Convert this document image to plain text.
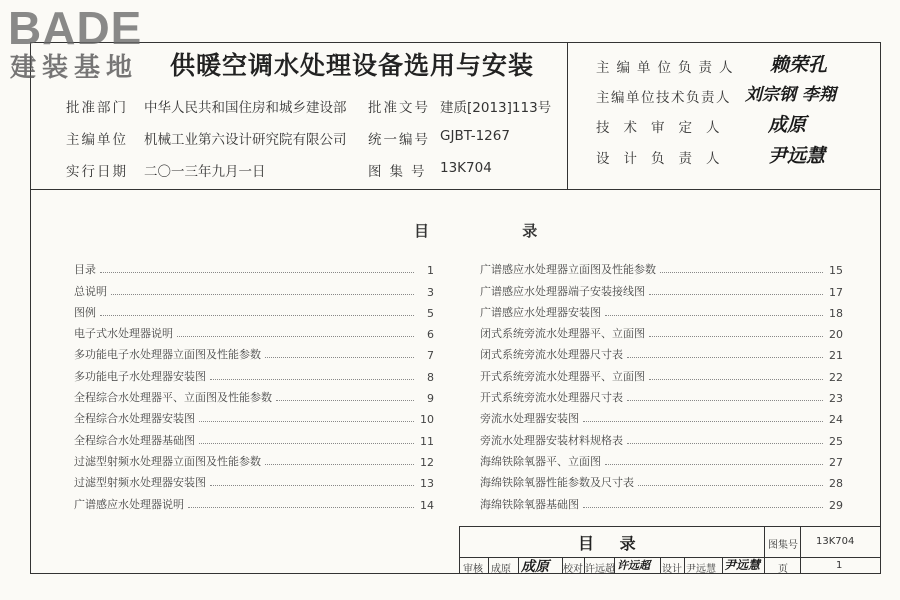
BADE
建装基地 供暖空调水处理设备选用与安装
批准部门 中华人民共和国住房和城乡建设部 批准文号 建质[2013]113号
主编单位 机械工业第六设计研究院有限公司 统一编号 GJBT-1267
实行日期 二〇一三年九月一日	图集号 13K704
主编单位负责人 赖荣孔
主编单位技术负责人 刘宗钢 李翔
技术审定人 成原
设计负责人 尹远慧
目 录
目录	1
总说明	3
图例	5
电子式水处理器说明	6
多功能电子水处理器立面图及性能参数	7
多功能电子水处理器安装图	8
全程综合水处理器平、立面图及性能参数	9
全程综合水处理器安装图	10
全程综合水处理器基础图	11
过滤型射频水处理器立面图及性能参数	12
过滤型射频水处理器安装图	13
广谱感应水处理器说明	14
广谱感应水处理器立面图及性能参数	15
广谱感应水处理器端子安装接线图	17
广谱感应水处理器安装图	18
闭式系统旁流水处理器平、立面图	20
闭式系统旁流水处理器尺寸表	21
开式系统旁流水处理器平、立面图	22
开式系统旁流水处理器尺寸表	23
旁流水处理器安装图	24
旁流水处理器安装材料规格表	25
海绵铁除氧器平、立面图	27
海绵铁除氧器性能参数及尺寸表	28
海绵铁除氧器基础图	29
目 录	图集号 13K704
审核 成原 成原 校对 许远超 许远超 设计 尹远慧 尹远慧 页	1
